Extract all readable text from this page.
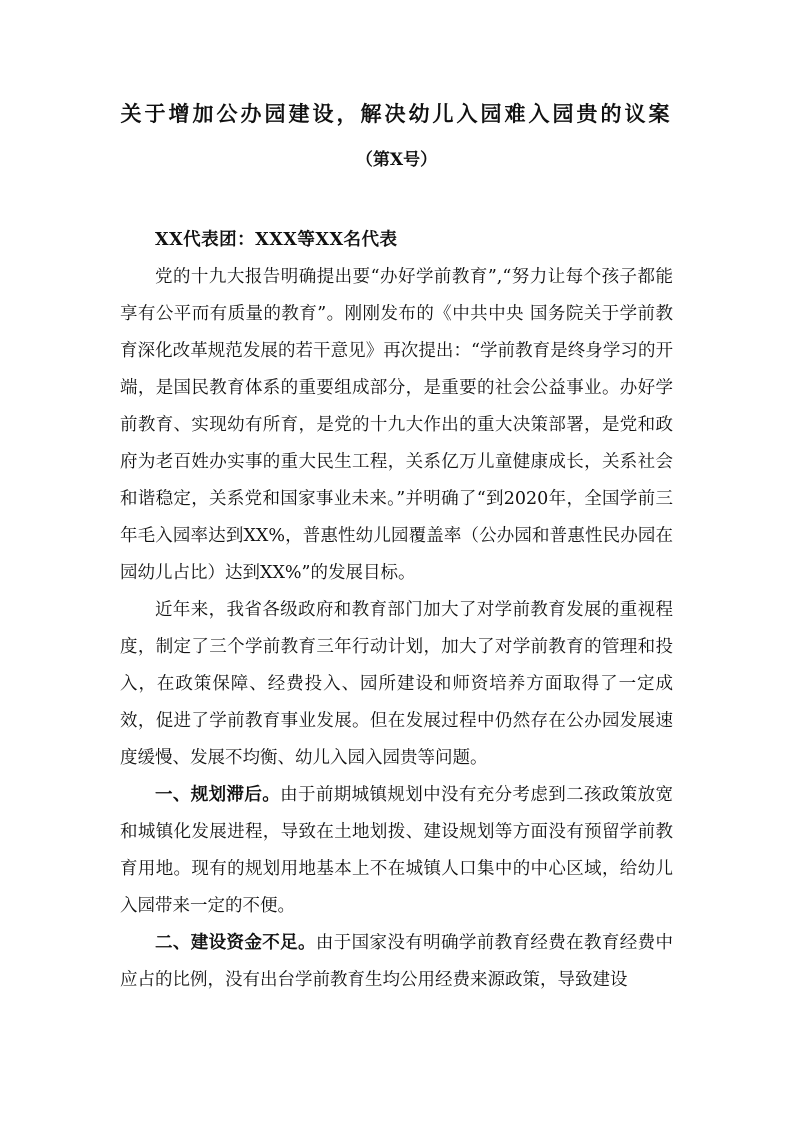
关于增加公办园建设，解决幼儿入园难入园贵的议案
（第X号）

XX代表团：XXX等XX名代表

党的十九大报告明确提出要“办好学前教育”,“努力让每个孩子都能享有公平而有质量的教育”。刚刚发布的《中共中央 国务院关于学前教育深化改革规范发展的若干意见》再次提出：“学前教育是终身学习的开端，是国民教育体系的重要组成部分，是重要的社会公益事业。办好学前教育、实现幼有所育，是党的十九大作出的重大决策部署，是党和政府为老百姓办实事的重大民生工程，关系亿万儿童健康成长，关系社会和谐稳定，关系党和国家事业未来。”并明确了“到2020年，全国学前三年毛入园率达到XX%，普惠性幼儿园覆盖率（公办园和普惠性民办园在园幼儿占比）达到XX%”的发展目标。

近年来，我省各级政府和教育部门加大了对学前教育发展的重视程度，制定了三个学前教育三年行动计划，加大了对学前教育的管理和投入，在政策保障、经费投入、园所建设和师资培养方面取得了一定成效，促进了学前教育事业发展。但在发展过程中仍然存在公办园发展速度缓慢、发展不均衡、幼儿入园入园贵等问题。

一、规划滞后。由于前期城镇规划中没有充分考虑到二孩政策放宽和城镇化发展进程，导致在土地划拨、建设规划等方面没有预留学前教育用地。现有的规划用地基本上不在城镇人口集中的中心区域，给幼儿入园带来一定的不便。

二、建设资金不足。由于国家没有明确学前教育经费在教育经费中应占的比例，没有出台学前教育生均公用经费来源政策，导致建设
